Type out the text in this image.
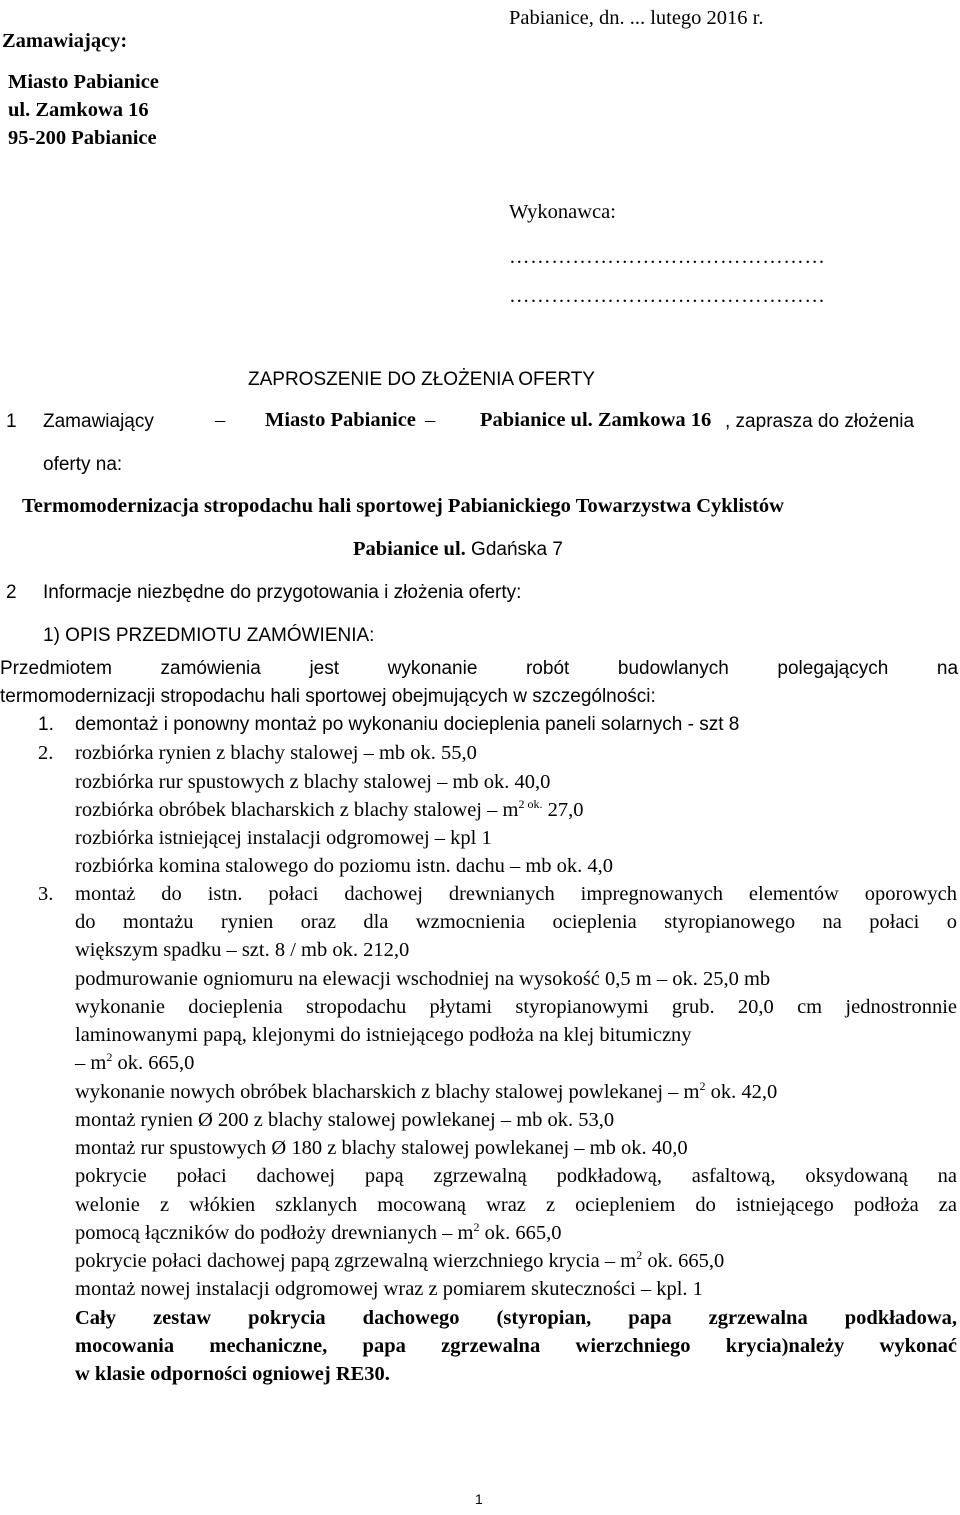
Zamawiający:
Miasto Pabianice
ul. Zamkowa 16
95-200 Pabianice
Pabianice, dn. ... lutego 2016 r.
Wykonawca:
………………………………………
………………………………………
ZAPROSZENIE DO ZŁOŻENIA OFERTY
1 Zamawiający	– Miasto Pabianice – Pabianice ul. Zamkowa 16 , zaprasza do złożenia
oferty na:
Termomodernizacja stropodachu hali sportowej Pabianickiego Towarzystwa Cyklistów
Pabianice ul. Gdańska 7
2 Informacje niezbędne do przygotowania i złożenia oferty:
1) OPIS PRZEDMIOTU ZAMÓWIENIA:
Przedmiotem	zamówienia	jest	wykonanie	robót	budowlanych	polegających	na
termomodernizacji stropodachu hali sportowej obejmujących w szczególności:
1. demontaż i ponowny montaż po wykonaniu docieplenia paneli solarnych - szt 8
2. rozbiórka rynien z blachy stalowej – mb ok. 55,0
rozbiórka rur spustowych z blachy stalowej – mb ok. 40,0
rozbiórka obróbek blacharskich z blachy stalowej – $m^{2 ok.}$ 27,0
rozbiórka istniejącej instalacji odgromowej – kpl 1
rozbiórka komina stalowego do poziomu istn. dachu – mb ok. 4,0
3. montaż do istn. połaci dachowej drewnianych impregnowanych elementów oporowych
do montażu rynien oraz dla wzmocnienia ocieplenia styropianowego na połaci o
większym spadku – szt. 8 / mb ok. 212,0
podmurowanie ogniomuru na elewacji wschodniej na wysokość 0,5 m – ok. 25,0 mb
wykonanie docieplenia stropodachu płytami styropianowymi grub. 20,0 cm jednostronnie
laminowanymi papą, klejonymi do istniejącego podłoża na klej bitumiczny
– $m^2$ ok. 665,0
wykonanie nowych obróbek blacharskich z blachy stalowej powlekanej – $m^2$ ok. 42,0
montaż rynien Ø 200 z blachy stalowej powlekanej – mb ok. 53,0
montaż rur spustowych Ø 180 z blachy stalowej powlekanej – mb ok. 40,0
pokrycie połaci dachowej papą zgrzewalną podkładową, asfaltową, oksydowaną na
welonie z włókien szklanych mocowaną wraz z ociepleniem do istniejącego podłoża za
pomocą łączników do podłoży drewnianych – $m^2$ ok. 665,0
pokrycie połaci dachowej papą zgrzewalną wierzchniego krycia – $m^2$ ok. 665,0
montaż nowej instalacji odgromowej wraz z pomiarem skuteczności – kpl. 1
Cały zestaw pokrycia dachowego (styropian, papa zgrzewalna podkładowa,
mocowania mechaniczne, papa zgrzewalna wierzchniego krycia)należy wykonać
w klasie odporności ogniowej RE30.
1
